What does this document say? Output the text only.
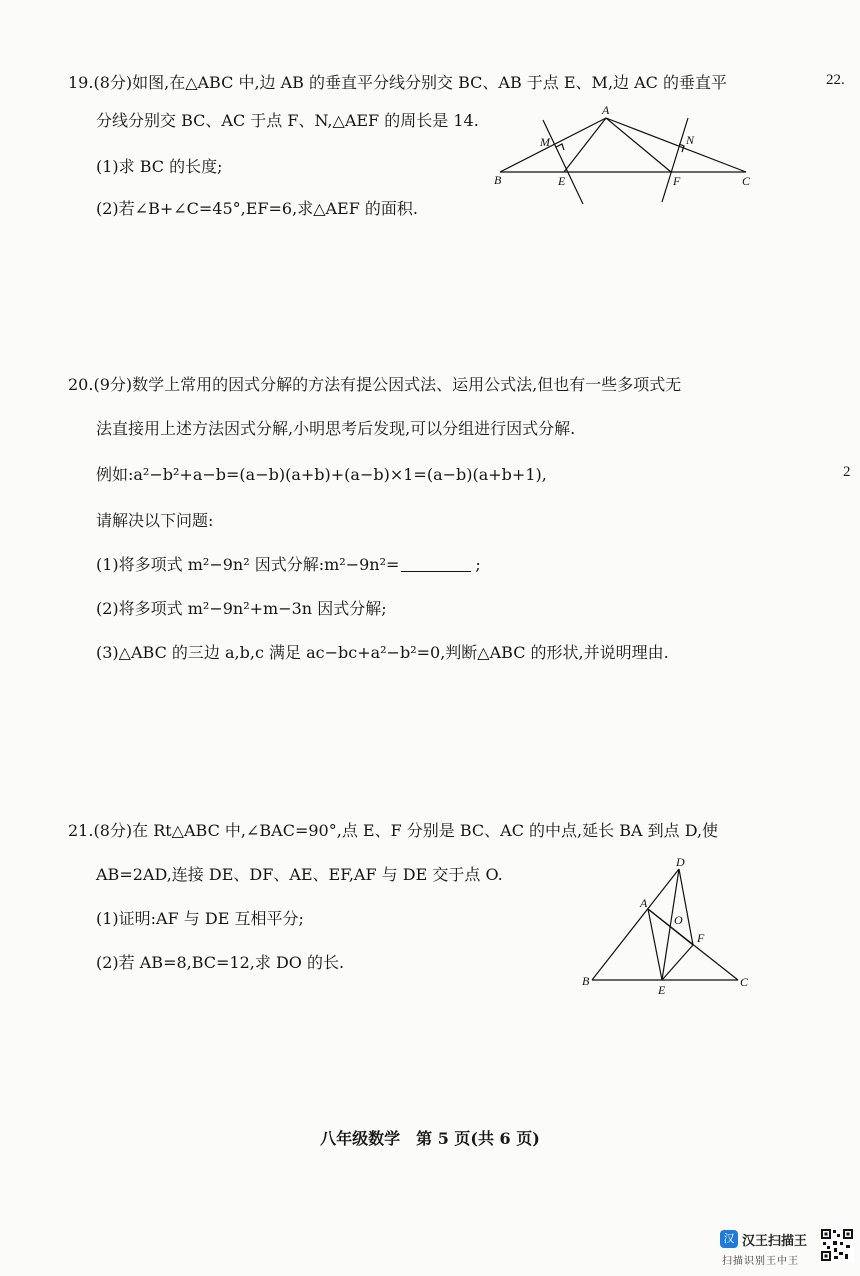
19.(8分)如图,在△ABC 中,边 AB 的垂直平分线分别交 BC、AB 于点 E、M,边 AC 的垂直平
分线分别交 BC、AC 于点 F、N,△AEF 的周长是 14.
(1)求 BC 的长度;
(2)若∠B+∠C=45°,EF=6,求△AEF 的面积.
A
B	C
E	F
M	N
20.(9分)数学上常用的因式分解的方法有提公因式法、运用公式法,但也有一些多项式无
法直接用上述方法因式分解,小明思考后发现,可以分组进行因式分解.
例如:a²−b²+a−b=(a−b)(a+b)+(a−b)×1=(a−b)(a+b+1),
请解决以下问题:
(1)将多项式 m²−9n² 因式分解:m²−9n²=	;
(2)将多项式 m²−9n²+m−3n 因式分解;
(3)△ABC 的三边 a,b,c 满足 ac−bc+a²−b²=0,判断△ABC 的形状,并说明理由.
21.(8分)在 Rt△ABC 中,∠BAC=90°,点 E、F 分别是 BC、AC 的中点,延长 BA 到点 D,使
AB=2AD,连接 DE、DF、AE、EF,AF 与 DE 交于点 O.
(1)证明:AF 与 DE 互相平分;
(2)若 AB=8,BC=12,求 DO 的长.
D
A
O
F
B
E
C
22.
2
八年级数学　第 5 页(共 6 页)
汉 汉王扫描王
扫描识别王中王
